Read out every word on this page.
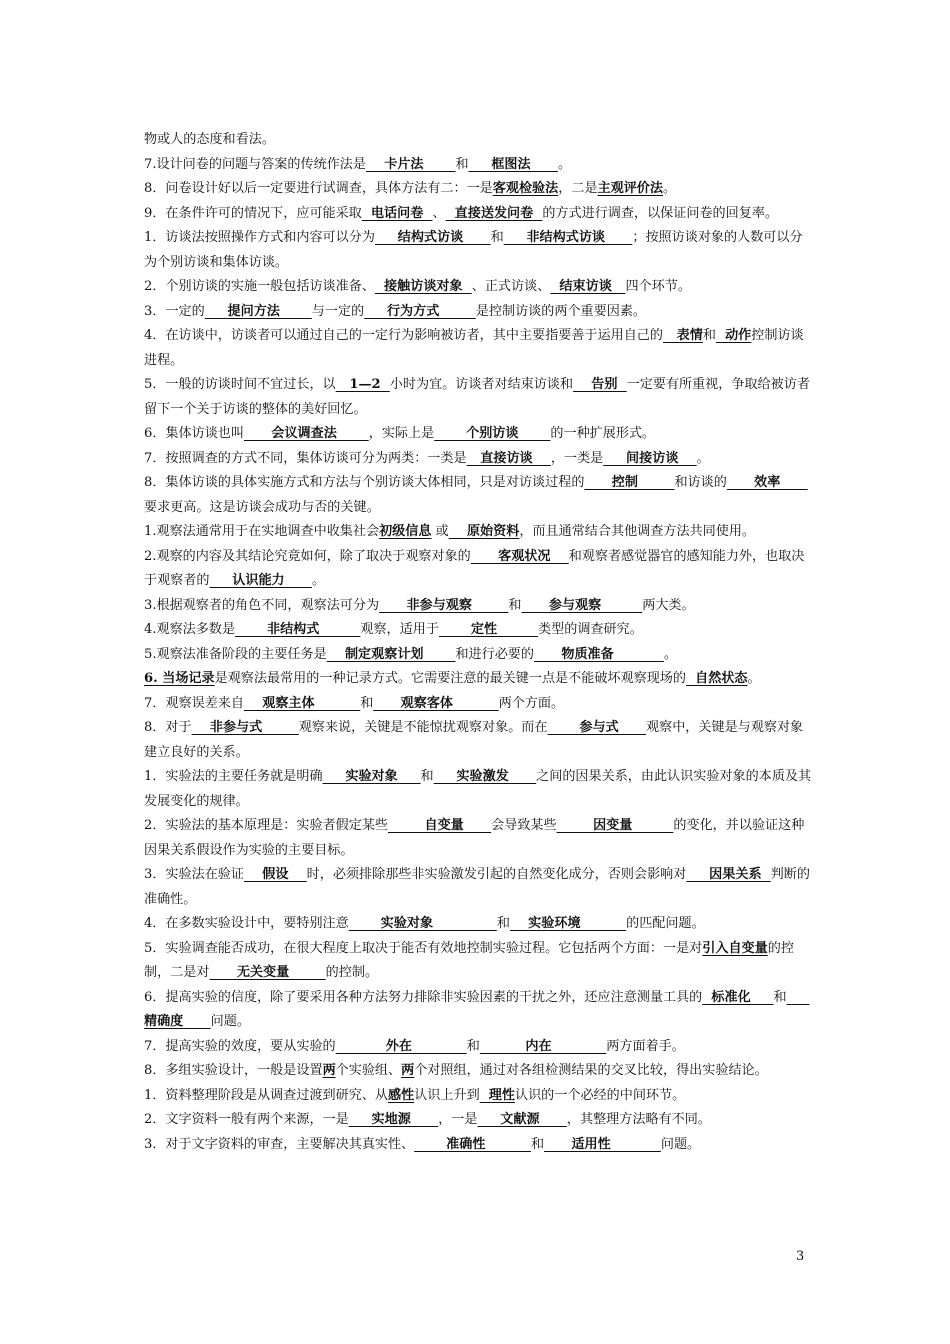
物或人的态度和看法。

7.设计问卷的问题与答案的传统作法是    卡片法       和     框图法      。

8．问卷设计好以后一定要进行试调查，具体方法有二：一是客观检验法，二是主观评价法。

9．在条件许可的情况下，应可能采取  电话问卷  、  直接送发问卷  的方式进行调查，以保证问卷的回复率。

1．访谈法按照操作方式和内容可以分为     结构式访谈      和     非结构式访谈      ；按照访谈对象的人数可以分为个别访谈和集体访谈。

2．个别访谈的实施一般包括访谈准备、  接触访谈对象  、正式访谈、  结束访谈   四个环节。

3．一定的     提问方法       与一定的     行为方式        是控制访谈的两个重要因素。

4．在访谈中，访谈者可以通过自己的一定行为影响被访者，其中主要指要善于运用自己的   表情和  动作控制访谈进程。

5．一般的访谈时间不宜过长，以   1—2  小时为宜。访谈者对结束访谈和    告别  一定要有所重视，争取给被访者留下一个关于访谈的整体的美好回忆。

6．集体访谈也叫      会议调查法       ，实际上是       个别访谈       的一种扩展形式。

7．按照调查的方式不同，集体访谈可分为两类：一类是   直接访谈    ，一类是     间接访谈    。

8．集体访谈的具体实施方式和方法与个别访谈大体相同，只是对访谈过程的      控制        和访谈的      效率      要求更高。这是访谈会成功与否的关键。

1.观察法通常用于在实地调查中收集社会初级信息 或    原始资料，而且通常结合其他调查方法共同使用。

2.观察的内容及其结论究竟如何，除了取决于观察对象的      客观状况    和观察者感觉器官的感知能力外，也取决于观察者的     认识能力      。

3.根据观察者的角色不同，观察法可分为      非参与观察        和      参与观察         两大类。

4.观察法多数是       非结构式         观察，适用于       定性         类型的调查研究。

5.观察法准备阶段的主要任务是    制定观察计划       和进行必要的      物质准备           。

6. 当场记录是观察法最常用的一种记录方式。它需要注意的最关键一点是不能破坏观察现场的  自然状态。

7．观察误差来自    观察主体          和      观察客体          两个方面。

8．对于    非参与式        观察来说，关键是不能惊扰观察对象。而在       参与式      观察中，关键是与观察对象建立良好的关系。

1．实验法的主要任务就是明确     实验对象     和     实验激发      之间的因果关系，由此认识实验对象的本质及其发展变化的规律。

2．实验法的基本原理是：实验者假定某些        自变量      会导致某些        因变量         的变化，并以验证这种因果关系假设作为实验的主要目标。

3．实验法在验证    假设    时，必须排除那些非实验激发引起的自然变化成分，否则会影响对     因果关系  判断的准确性。

4．在多数实验设计中，要特别注意       实验对象              和    实验环境          的匹配问题。

5．实验调查能否成功，在很大程度上取决于能否有效地控制实验过程。它包括两个方面：一是对引入自变量的控制，二是对      无关变量        的控制。

6．提高实验的信度，除了要采用各种方法努力排除非实验因素的干扰之外，还应注意测量工具的  标准化     和     精确度      问题。

7．提高实验的效度，要从实验的           外在            和          内在            两方面着手。

8．多组实验设计，一般是设置两个实验组、两个对照组，通过对各组检测结果的交叉比较，得出实验结论。

1．资料整理阶段是从调查过渡到研究、从感性认识上升到  理性认识的一个必经的中间环节。

2．文字资料一般有两个来源，一是     实地源      ，一是     文献源      ，其整理方法略有不同。

3．对于文字资料的审查，主要解决其真实性、       准确性          和      适用性           问题。

3
